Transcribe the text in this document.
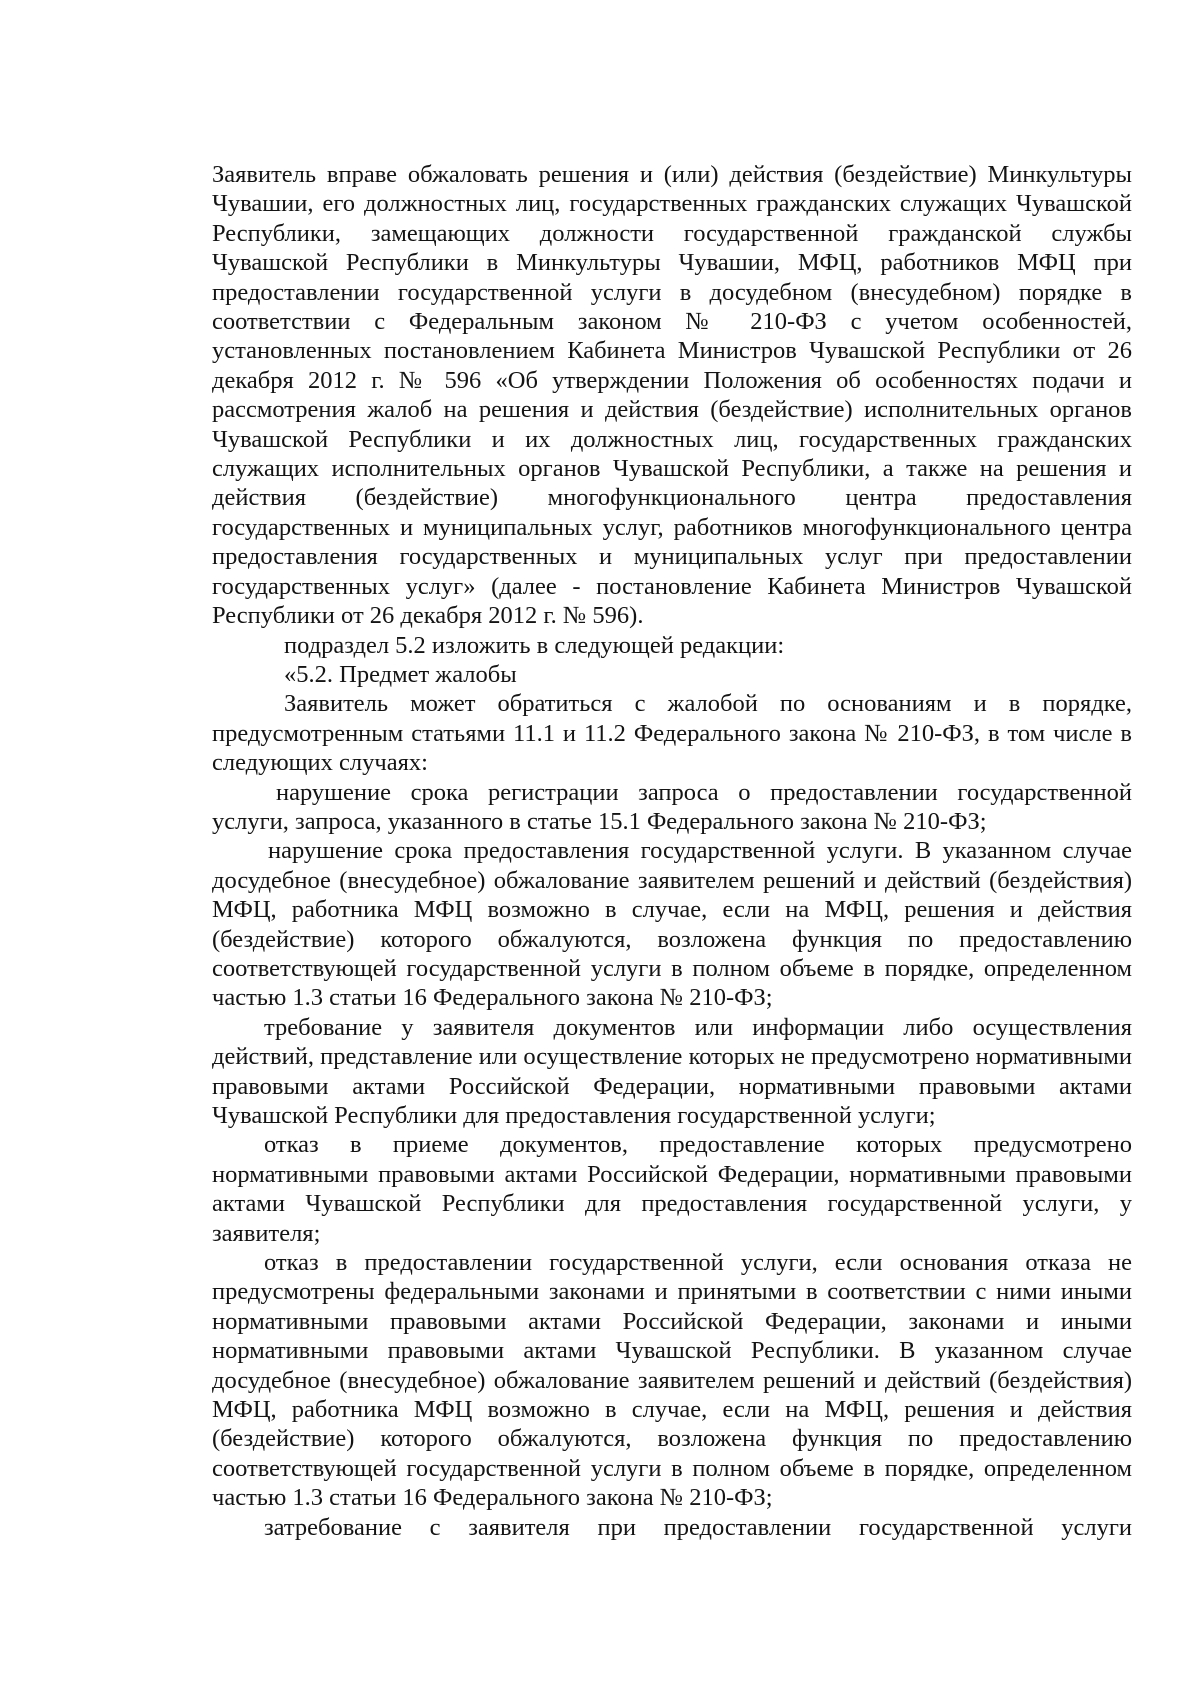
Заявитель вправе обжаловать решения и (или) действия (бездействие) Минкультуры Чувашии, его должностных лиц, государственных гражданских служащих Чувашской Республики, замещающих должности государственной гражданской службы Чувашской Республики в Минкультуры Чувашии, МФЦ, работников МФЦ при предоставлении государственной услуги в досудебном (внесудебном) порядке в соответствии с Федеральным законом № 210-ФЗ с учетом особенностей, установленных постановлением Кабинета Министров Чувашской Республики от 26 декабря 2012 г. № 596 «Об утверждении Положения об особенностях подачи и рассмотрения жалоб на решения и действия (бездействие) исполнительных органов Чувашской Республики и их должностных лиц, государственных гражданских служащих исполнительных органов Чувашской Республики, а также на решения и действия (бездействие) многофункционального центра предоставления государственных и муниципальных услуг, работников многофункционального центра предоставления государственных и муниципальных услуг при предоставлении государственных услуг» (далее - постановление Кабинета Министров Чувашской Республики от 26 декабря 2012 г. № 596).

подраздел 5.2 изложить в следующей редакции:

«5.2. Предмет жалобы

Заявитель может обратиться с жалобой по основаниям и в порядке, предусмотренным статьями 11.1 и 11.2 Федерального закона № 210-ФЗ, в том числе в следующих случаях:

нарушение срока регистрации запроса о предоставлении государственной услуги, запроса, указанного в статье 15.1 Федерального закона № 210-ФЗ;

нарушение срока предоставления государственной услуги. В указанном случае досудебное (внесудебное) обжалование заявителем решений и действий (бездействия) МФЦ, работника МФЦ возможно в случае, если на МФЦ, решения и действия (бездействие) которого обжалуются, возложена функция по предоставлению соответствующей государственной услуги в полном объеме в порядке, определенном частью 1.3 статьи 16 Федерального закона № 210-ФЗ;

требование у заявителя документов или информации либо осуществления действий, представление или осуществление которых не предусмотрено нормативными правовыми актами Российской Федерации, нормативными правовыми актами Чувашской Республики для предоставления государственной услуги;

отказ в приеме документов, предоставление которых предусмотрено нормативными правовыми актами Российской Федерации, нормативными правовыми актами Чувашской Республики для предоставления государственной услуги, у заявителя;

отказ в предоставлении государственной услуги, если основания отказа не предусмотрены федеральными законами и принятыми в соответствии с ними иными нормативными правовыми актами Российской Федерации, законами и иными нормативными правовыми актами Чувашской Республики. В указанном случае досудебное (внесудебное) обжалование заявителем решений и действий (бездействия) МФЦ, работника МФЦ возможно в случае, если на МФЦ, решения и действия (бездействие) которого обжалуются, возложена функция по предоставлению соответствующей государственной услуги в полном объеме в порядке, определенном частью 1.3 статьи 16 Федерального закона № 210-ФЗ;

затребование с заявителя при предоставлении государственной услуги
